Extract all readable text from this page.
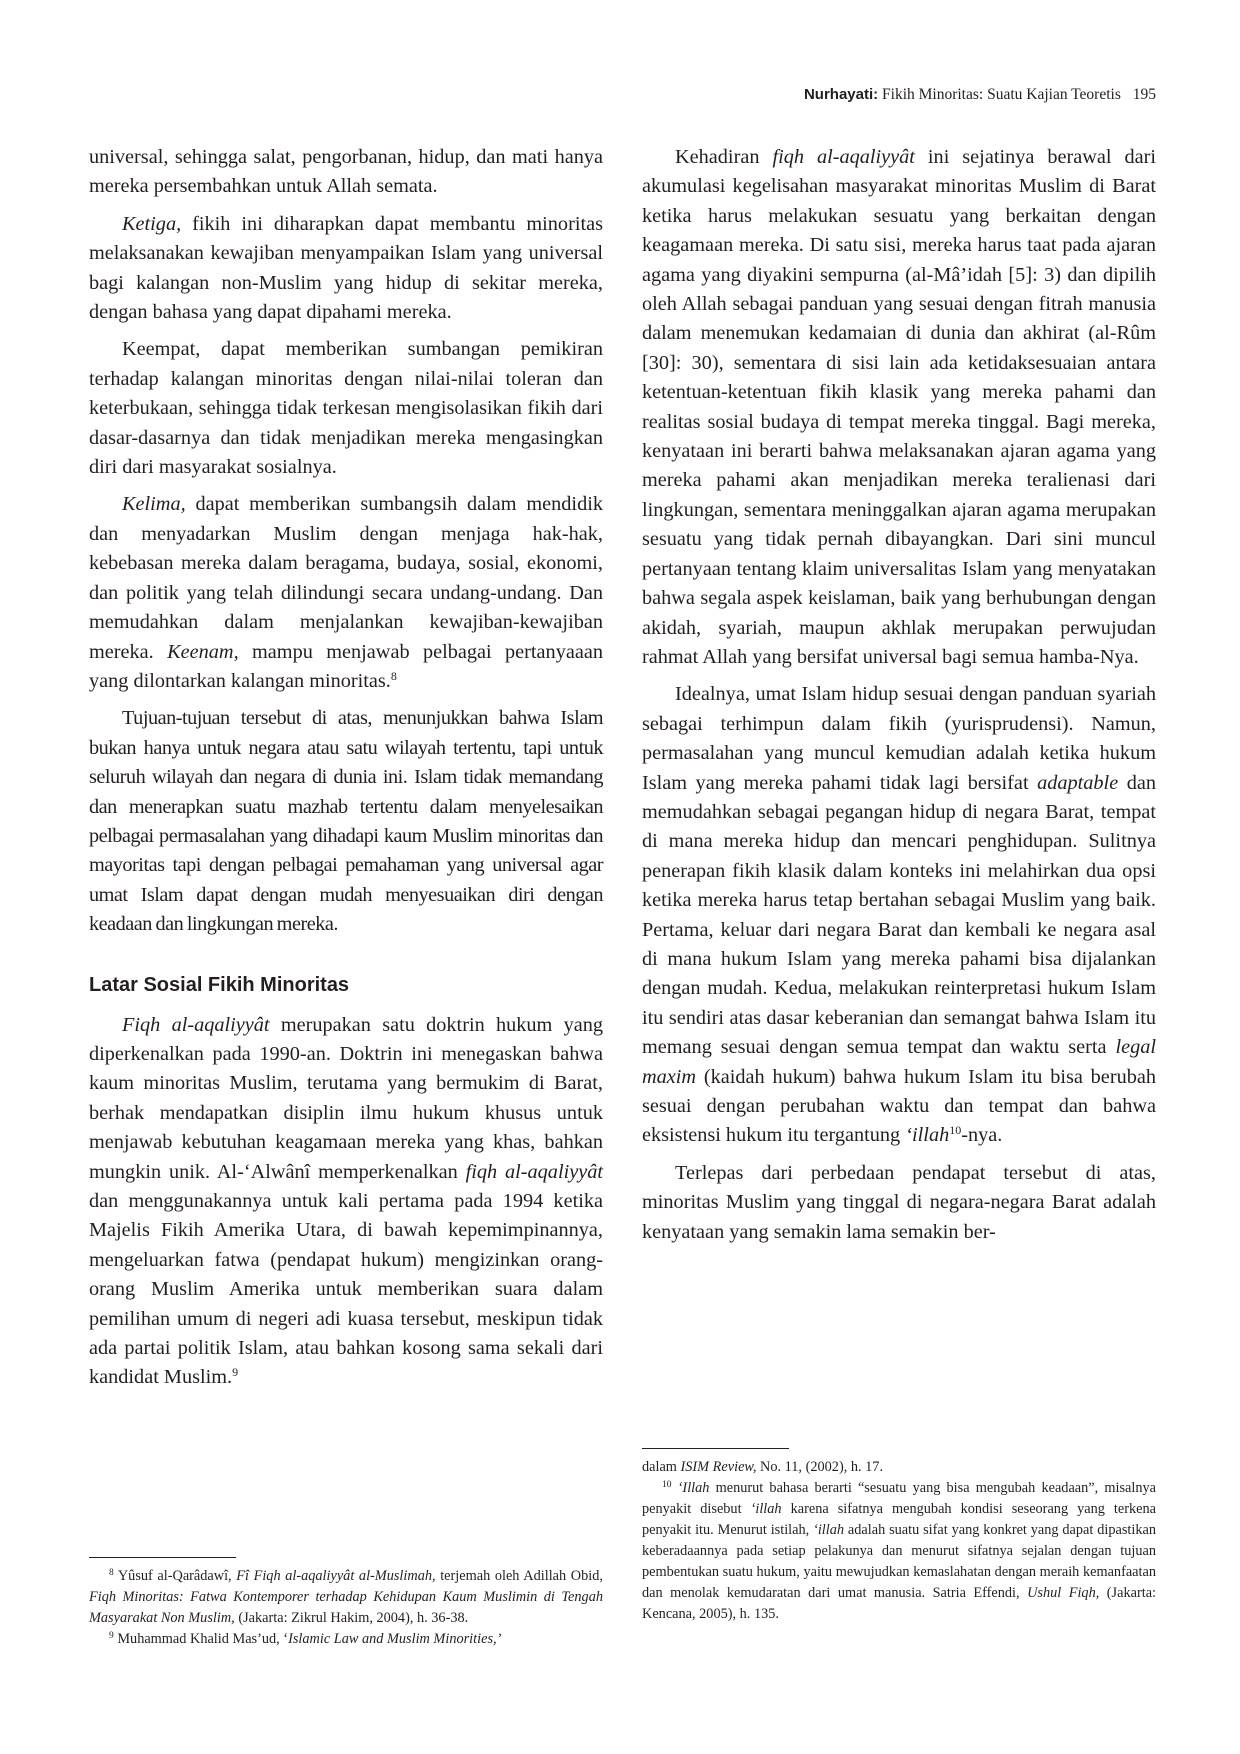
Nurhayati: Fikih Minoritas: Suatu Kajian Teoretis 195

universal, sehingga salat, pengorbanan, hidup, dan mati hanya mereka persembahkan untuk Allah semata.

Ketiga, fikih ini diharapkan dapat membantu minoritas melaksanakan kewajiban menyampaikan Islam yang universal bagi kalangan non-Muslim yang hidup di sekitar mereka, dengan bahasa yang dapat dipahami mereka.

Keempat, dapat memberikan sumbangan pemikiran terhadap kalangan minoritas dengan nilai-nilai toleran dan keterbukaan, sehingga tidak terkesan mengisolasikan fikih dari dasar-dasarnya dan tidak menjadikan mereka mengasingkan diri dari masyarakat sosialnya.

Kelima, dapat memberikan sumbangsih dalam mendidik dan menyadarkan Muslim dengan menjaga hak-hak, kebebasan mereka dalam beragama, budaya, sosial, ekonomi, dan politik yang telah dilindungi secara undang-undang. Dan memudahkan dalam menjalankan kewajiban-kewajiban mereka. Keenam, mampu menjawab pelbagai pertanyaaan yang dilontarkan kalangan minoritas.$^8$

Tujuan-tujuan tersebut di atas, menunjukkan bahwa Islam bukan hanya untuk negara atau satu wilayah tertentu, tapi untuk seluruh wilayah dan negara di dunia ini. Islam tidak memandang dan menerapkan suatu mazhab tertentu dalam menyelesaikan pelbagai permasalahan yang dihadapi kaum Muslim minoritas dan mayoritas tapi dengan pelbagai pemahaman yang universal agar umat Islam dapat dengan mudah menyesuaikan diri dengan keadaan dan lingkungan mereka.

Latar Sosial Fikih Minoritas

Fiqh al-aqaliyyât merupakan satu doktrin hukum yang diperkenalkan pada 1990-an. Doktrin ini menegaskan bahwa kaum minoritas Muslim, terutama yang bermukim di Barat, berhak mendapatkan disiplin ilmu hukum khusus untuk menjawab kebutuhan keagamaan mereka yang khas, bahkan mungkin unik. Al-‘Alwânî memperkenalkan fiqh al-aqaliyyât dan menggunakannya untuk kali pertama pada 1994 ketika Majelis Fikih Amerika Utara, di bawah kepemimpinannya, mengeluarkan fatwa (pendapat hukum) mengizinkan orang-orang Muslim Amerika untuk memberikan suara dalam pemilihan umum di negeri adi kuasa tersebut, meskipun tidak ada partai politik Islam, atau bahkan kosong sama sekali dari kandidat Muslim.$^9$

Kehadiran fiqh al-aqaliyyât ini sejatinya berawal dari akumulasi kegelisahan masyarakat minoritas Muslim di Barat ketika harus melakukan sesuatu yang berkaitan dengan keagamaan mereka. Di satu sisi, mereka harus taat pada ajaran agama yang diyakini sempurna (al-Mâ’idah [5]: 3) dan dipilih oleh Allah sebagai panduan yang sesuai dengan fitrah manusia dalam menemukan kedamaian di dunia dan akhirat (al-Rûm [30]: 30), sementara di sisi lain ada ketidaksesuaian antara ketentuan-ketentuan fikih klasik yang mereka pahami dan realitas sosial budaya di tempat mereka tinggal. Bagi mereka, kenyataan ini berarti bahwa melaksanakan ajaran agama yang mereka pahami akan menjadikan mereka teralienasi dari lingkungan, sementara meninggalkan ajaran agama merupakan sesuatu yang tidak pernah dibayangkan. Dari sini muncul pertanyaan tentang klaim universalitas Islam yang menyatakan bahwa segala aspek keislaman, baik yang berhubungan dengan akidah, syariah, maupun akhlak merupakan perwujudan rahmat Allah yang bersifat universal bagi semua hamba-Nya.

Idealnya, umat Islam hidup sesuai dengan panduan syariah sebagai terhimpun dalam fikih (yurisprudensi). Namun, permasalahan yang muncul kemudian adalah ketika hukum Islam yang mereka pahami tidak lagi bersifat adaptable dan memudahkan sebagai pegangan hidup di negara Barat, tempat di mana mereka hidup dan mencari penghidupan. Sulitnya penerapan fikih klasik dalam konteks ini melahirkan dua opsi ketika mereka harus tetap bertahan sebagai Muslim yang baik. Pertama, keluar dari negara Barat dan kembali ke negara asal di mana hukum Islam yang mereka pahami bisa dijalankan dengan mudah. Kedua, melakukan reinterpretasi hukum Islam itu sendiri atas dasar keberanian dan semangat bahwa Islam itu memang sesuai dengan semua tempat dan waktu serta legal maxim (kaidah hukum) bahwa hukum Islam itu bisa berubah sesuai dengan perubahan waktu dan tempat dan bahwa eksistensi hukum itu tergantung ‘illah$^{10}$-nya.

Terlepas dari perbedaan pendapat tersebut di atas, minoritas Muslim yang tinggal di negara-negara Barat adalah kenyataan yang semakin lama semakin ber-

$^8$ Yûsuf al-Qarâdawî, Fî Fiqh al-aqaliyyât al-Muslimah, terjemah oleh Adillah Obid, Fiqh Minoritas: Fatwa Kontemporer terhadap Kehidupan Kaum Muslimin di Tengah Masyarakat Non Muslim, (Jakarta: Zikrul Hakim, 2004), h. 36-38.

$^9$ Muhammad Khalid Mas’ud, ‘Islamic Law and Muslim Minorities,’

dalam ISIM Review, No. 11, (2002), h. 17.

$^{10}$ ‘Illah menurut bahasa berarti “sesuatu yang bisa mengubah keadaan”, misalnya penyakit disebut ‘illah karena sifatnya mengubah kondisi seseorang yang terkena penyakit itu. Menurut istilah, ‘illah adalah suatu sifat yang konkret yang dapat dipastikan keberadaannya pada setiap pelakunya dan menurut sifatnya sejalan dengan tujuan pembentukan suatu hukum, yaitu mewujudkan kemaslahatan dengan meraih kemanfaatan dan menolak kemudaratan dari umat manusia. Satria Effendi, Ushul Fiqh, (Jakarta: Kencana, 2005), h. 135.
